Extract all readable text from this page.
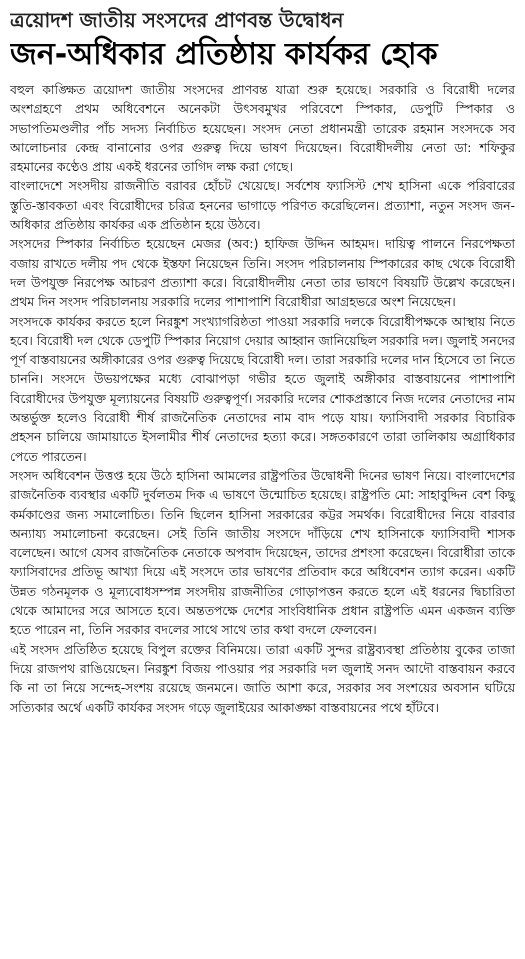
ত্রয়োদশ জাতীয় সংসদের প্রাণবন্ত উদ্বোধন
জন-অধিকার প্রতিষ্ঠায় কার্যকর হোক

বহুল কাঙ্ক্ষিত ত্রয়োদশ জাতীয় সংসদের প্রাণবন্ত যাত্রা শুরু হয়েছে। সরকারি ও বিরোধী দলের অংশগ্রহণে প্রথম অধিবেশনে অনেকটা উৎসবমুখর পরিবেশে স্পিকার, ডেপুটি স্পিকার ও সভাপতিমণ্ডলীর পাঁচ সদস্য নির্বাচিত হয়েছেন। সংসদ নেতা প্রধানমন্ত্রী তারেক রহমান সংসদকে সব আলোচনার কেন্দ্র বানানোর ওপর গুরুত্ব দিয়ে ভাষণ দিয়েছেন। বিরোধীদলীয় নেতা ডা: শফিকুর রহমানের কণ্ঠেও প্রায় একই ধরনের তাগিদ লক্ষ করা গেছে।

বাংলাদেশে সংসদীয় রাজনীতি বরাবর হোঁচট খেয়েছে। সর্বশেষ ফ্যাসিস্ট শেখ হাসিনা একে পরিবারের স্তুতি-স্তাবকতা এবং বিরোধীদের চরিত্র হননের ভাগাড়ে পরিণত করেছিলেন। প্রত্যাশা, নতুন সংসদ জন-অধিকার প্রতিষ্ঠায় কার্যকর এক প্রতিষ্ঠান হয়ে উঠবে।

সংসদের স্পিকার নির্বাচিত হয়েছেন মেজর (অব:) হাফিজ উদ্দিন আহমদ। দায়িত্ব পালনে নিরপেক্ষতা বজায় রাখতে দলীয় পদ থেকে ইস্তফা নিয়েছেন তিনি। সংসদ পরিচালনায় স্পিকারের কাছ থেকে বিরোধী দল উপযুক্ত নিরপেক্ষ আচরণ প্রত্যাশা করে। বিরোধীদলীয় নেতা তার ভাষণে বিষয়টি উল্লেখ করেছেন। প্রথম দিন সংসদ পরিচালনায় সরকারি দলের পাশাপাশি বিরোধীরা আগ্রহভরে অংশ নিয়েছেন।

সংসদকে কার্যকর করতে হলে নিরঙ্কুশ সংখ্যাগরিষ্ঠতা পাওয়া সরকারি দলকে বিরোধীপক্ষকে আস্থায় নিতে হবে। বিরোধী দল থেকে ডেপুটি স্পিকার নিয়োগ দেয়ার আহ্বান জানিয়েছিল সরকারি দল। জুলাই সনদের পূর্ণ বাস্তবায়নের অঙ্গীকারের ওপর গুরুত্ব দিয়েছে বিরোধী দল। তারা সরকারি দলের দান হিসেবে তা নিতে চাননি। সংসদে উভয়পক্ষের মধ্যে বোঝাপড়া গভীর হতে জুলাই অঙ্গীকার বাস্তবায়নের পাশাপাশি বিরোধীদের উপযুক্ত মূল্যায়নের বিষয়টি গুরুত্বপূর্ণ। সরকারি দলের শোকপ্রস্তাবে নিজ দলের নেতাদের নাম অন্তর্ভুক্ত হলেও বিরোধী শীর্ষ রাজনৈতিক নেতাদের নাম বাদ পড়ে যায়। ফ্যাসিবাদী সরকার বিচারিক প্রহসন চালিয়ে জামায়াতে ইসলামীর শীর্ষ নেতাদের হত্যা করে। সঙ্গতকারণে তারা তালিকায় অগ্রাধিকার পেতে পারতেন।

সংসদ অধিবেশন উত্তপ্ত হয়ে উঠে হাসিনা আমলের রাষ্ট্রপতির উদ্বোধনী দিনের ভাষণ নিয়ে। বাংলাদেশের রাজনৈতিক ব্যবস্থার একটি দুর্বলতম দিক এ ভাষণে উন্মোচিত হয়েছে। রাষ্ট্রপতি মো: সাহাবুদ্দিন বেশ কিছু কর্মকাণ্ডের জন্য সমালোচিত। তিনি ছিলেন হাসিনা সরকারের কট্টর সমর্থক। বিরোধীদের নিয়ে বারবার অন্যায্য সমালোচনা করেছেন। সেই তিনি জাতীয় সংসদে দাঁড়িয়ে শেখ হাসিনাকে ফ্যাসিবাদী শাসক বলেছেন। আগে যেসব রাজনৈতিক নেতাকে অপবাদ দিয়েছেন, তাদের প্রশংসা করেছেন। বিরোধীরা তাকে ফ্যাসিবাদের প্রতিভূ আখ্যা দিয়ে এই সংসদে তার ভাষণের প্রতিবাদ করে অধিবেশন ত্যাগ করেন। একটি উন্নত গঠনমূলক ও মূল্যবোধসম্পন্ন সংসদীয় রাজনীতির গোড়াপত্তন করতে হলে এই ধরনের দ্বিচারিতা থেকে আমাদের সরে আসতে হবে। অন্ততপক্ষে দেশের সাংবিধানিক প্রধান রাষ্ট্রপতি এমন একজন ব্যক্তি হতে পারেন না, তিনি সরকার বদলের সাথে সাথে তার কথা বদলে ফেলবেন।

এই সংসদ প্রতিষ্ঠিত হয়েছে বিপুল রক্তের বিনিময়ে। তারা একটি সুন্দর রাষ্ট্রব্যবস্থা প্রতিষ্ঠায় বুকের তাজা দিয়ে রাজপথ রাঙিয়েছেন। নিরঙ্কুশ বিজয় পাওয়ার পর সরকারি দল জুলাই সনদ আদৌ বাস্তবায়ন করবে কি না তা নিয়ে সন্দেহ-সংশয় রয়েছে জনমনে। জাতি আশা করে, সরকার সব সংশয়ের অবসান ঘটিয়ে সত্যিকার অর্থে একটি কার্যকর সংসদ গড়ে জুলাইয়ের আকাঙ্ক্ষা বাস্তবায়নের পথে হাঁটবে।
